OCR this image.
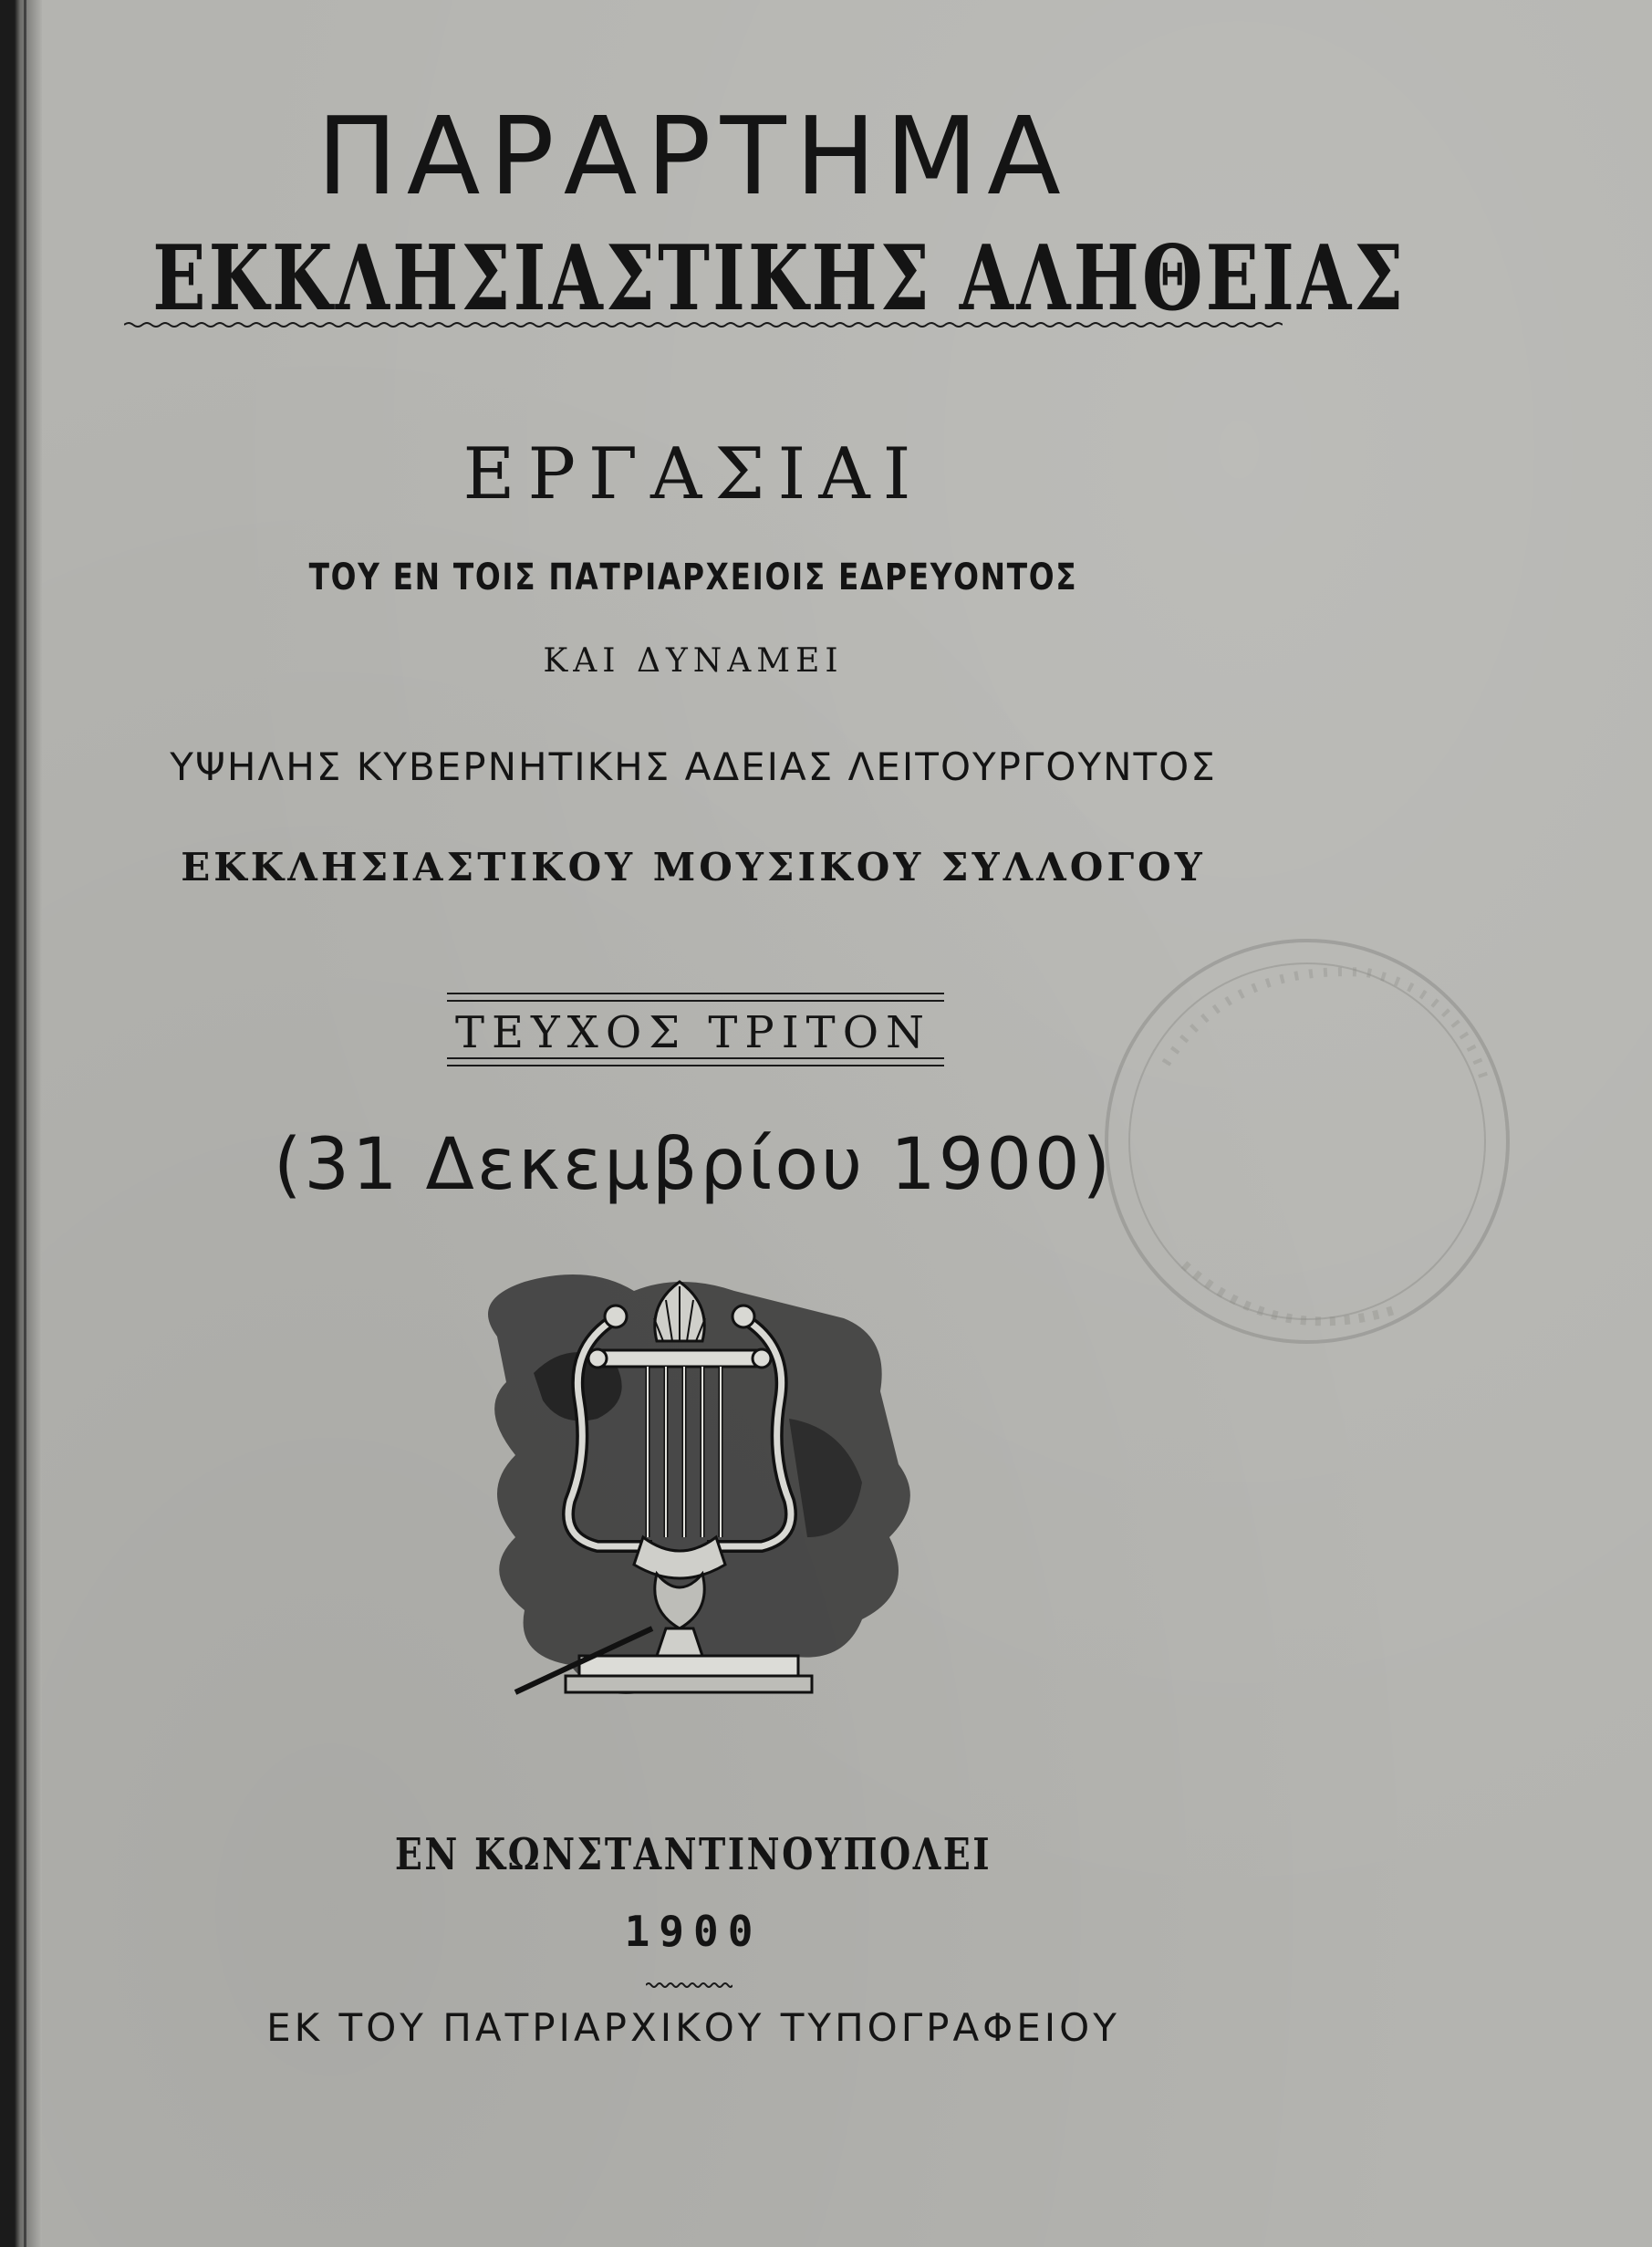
ΠΑΡΑΡΤΗΜΑ
ΕΚΚΛΗΣΙΑΣΤΙΚΗΣ ΑΛΗΘΕΙΑΣ
ΕΡΓΑΣΙΑΙ
ΤΟΥ ΕΝ ΤΟΙΣ ΠΑΤΡΙΑΡΧΕΙΟΙΣ ΕΔΡΕΥΟΝΤΟΣ
ΚΑΙ ΔΥΝΑΜΕΙ
ΥΨΗΛΗΣ ΚΥΒΕΡΝΗΤΙΚΗΣ ΑΔΕΙΑΣ ΛΕΙΤΟΥΡΓΟΥΝΤΟΣ
ΕΚΚΛΗΣΙΑΣΤΙΚΟΥ ΜΟΥΣΙΚΟΥ ΣΥΛΛΟΓΟΥ
ΤΕΥΧΟΣ ΤΡΙΤΟΝ
(31 Δεκεμβρίου 1900)
ΕΝ ΚΩΝΣΤΑΝΤΙΝΟΥΠΟΛΕΙ
1900
ΕΚ ΤΟΥ ΠΑΤΡΙΑΡΧΙΚΟΥ ΤΥΠΟΓΡΑΦΕΙΟΥ
